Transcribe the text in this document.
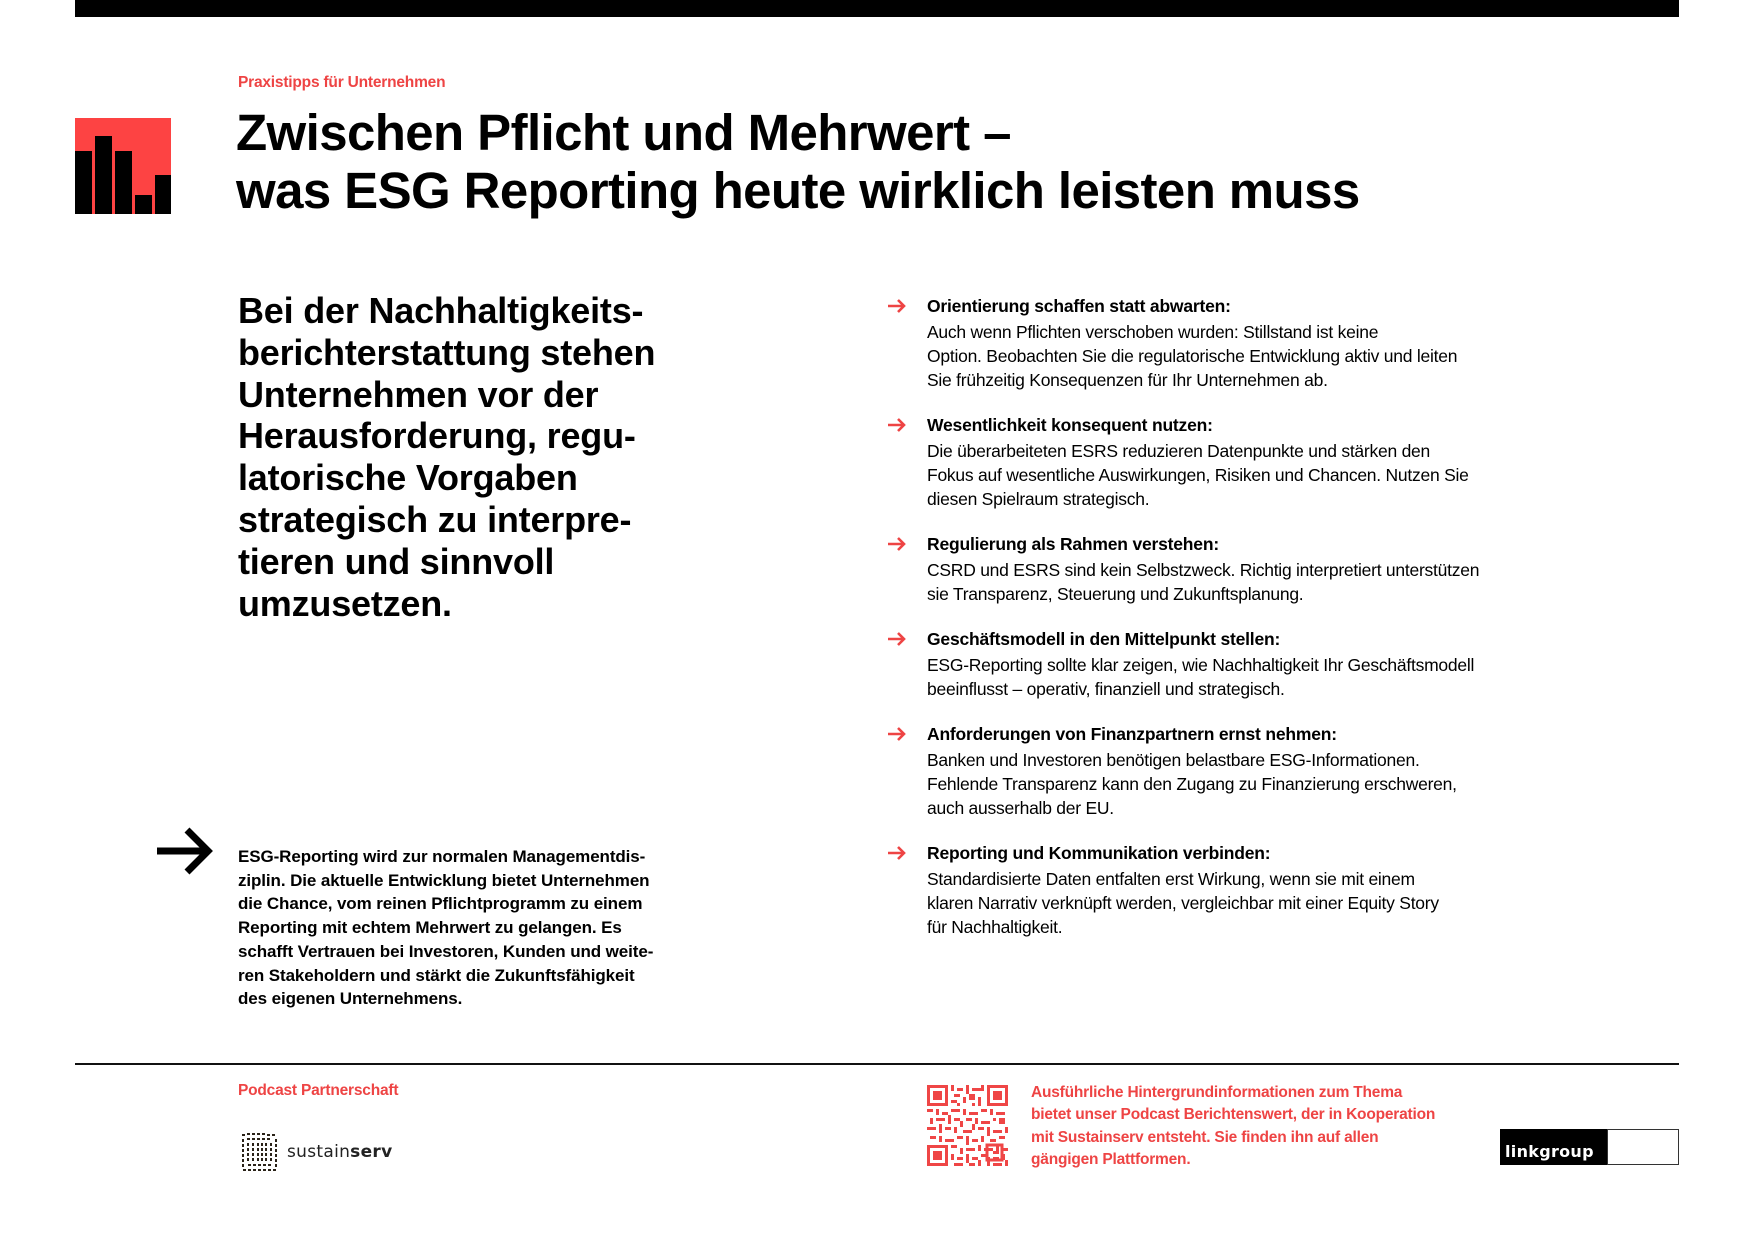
Praxistipps für Unternehmen
Zwischen Pflicht und Mehrwert –
was ESG Reporting heute wirklich leisten muss

Bei der Nachhaltigkeits-
berichterstattung stehen
Unternehmen vor der
Herausforderung, regu-
latorische Vorgaben
strategisch zu interpre-
tieren und sinnvoll
umzusetzen.

Orientierung schaffen statt abwarten:
Auch wenn Pflichten verschoben wurden: Stillstand ist keine
Option. Beobachten Sie die regulatorische Entwicklung aktiv und leiten
Sie frühzeitig Konsequenzen für Ihr Unternehmen ab.
Wesentlichkeit konsequent nutzen:
Die überarbeiteten ESRS reduzieren Datenpunkte und stärken den
Fokus auf wesentliche Auswirkungen, Risiken und Chancen. Nutzen Sie
diesen Spielraum strategisch.
Regulierung als Rahmen verstehen:
CSRD und ESRS sind kein Selbstzweck. Richtig interpretiert unterstützen
sie Transparenz, Steuerung und Zukunftsplanung.
Geschäftsmodell in den Mittelpunkt stellen:
ESG-Reporting sollte klar zeigen, wie Nachhaltigkeit Ihr Geschäftsmodell
beeinflusst – operativ, finanziell und strategisch.
Anforderungen von Finanzpartnern ernst nehmen:
Banken und Investoren benötigen belastbare ESG-Informationen.
Fehlende Transparenz kann den Zugang zu Finanzierung erschweren,
auch ausserhalb der EU.
Reporting und Kommunikation verbinden:
Standardisierte Daten entfalten erst Wirkung, wenn sie mit einem
klaren Narrativ verknüpft werden, vergleichbar mit einer Equity Story
für Nachhaltigkeit.
ESG-Reporting wird zur normalen Managementdis-
ziplin. Die aktuelle Entwicklung bietet Unternehmen
die Chance, vom reinen Pflichtprogramm zu einem
Reporting mit echtem Mehrwert zu gelangen. Es
schafft Vertrauen bei Investoren, Kunden und weite-
ren Stakeholdern und stärkt die Zukunftsfähigkeit
des eigenen Unternehmens.
Podcast Partnerschaft
sustainserv
Ausführliche Hintergrundinformationen zum Thema
bietet unser Podcast Berichtenswert, der in Kooperation
mit Sustainserv entsteht. Sie finden ihn auf allen
gängigen Plattformen.	linkgroup
